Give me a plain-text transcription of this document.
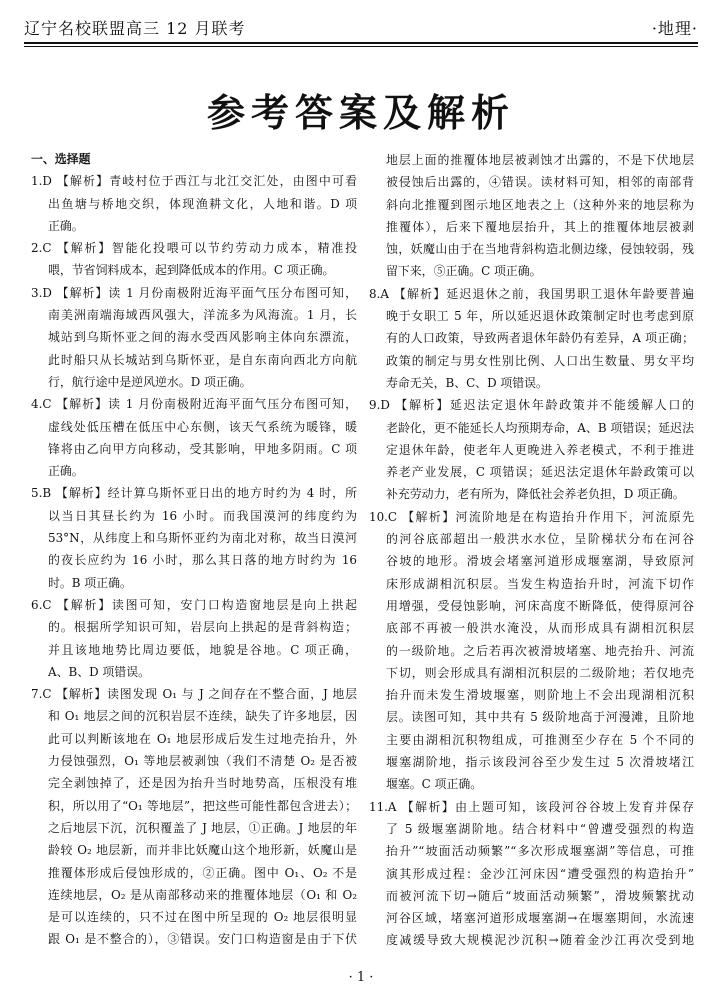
辽宁名校联盟高三 12 月联考	·地理·
参考答案及解析
一、选择题
1.D 【解析】青岐村位于西江与北江交汇处，由图中可看
出鱼塘与桥地交织，体现渔耕文化，人地和谐。D 项
正确。
2.C 【解析】智能化投喂可以节约劳动力成本，精准投
喂，节省饲料成本，起到降低成本的作用。C 项正确。
3.D 【解析】读 1 月份南极附近海平面气压分布图可知，
南美洲南端海域西风强大，洋流多为风海流。1 月，长
城站到乌斯怀亚之间的海水受西风影响主体向东漂流，
此时船只从长城站到乌斯怀亚，是自东南向西北方向航
行，航行途中是逆风逆水。D 项正确。
4.C 【解析】读 1 月份南极附近海平面气压分布图可知，
虚线处低压槽在低压中心东侧，该天气系统为暖锋，暖
锋将由乙向甲方向移动，受其影响，甲地多阴雨。C 项
正确。
5.B 【解析】经计算乌斯怀亚日出的地方时约为 4 时，所
以当日其昼长约为 16 小时。而我国漠河的纬度约为
53°N，从纬度上和乌斯怀亚约为南北对称，故当日漠河
的夜长应约为 16 小时，那么其日落的地方时约为 16
时。B 项正确。
6.C 【解析】读图可知，安门口构造窗地层是向上拱起
的。根据所学知识可知，岩层向上拱起的是背斜构造；
并且该地地势比周边要低，地貌是谷地。C 项正确，
A、B、D 项错误。
7.C 【解析】读图发现 O₁ 与 J 之间存在不整合面，J 地层
和 O₁ 地层之间的沉积岩层不连续，缺失了许多地层，因
此可以判断该地在 O₁ 地层形成后发生过地壳抬升，外
力侵蚀强烈，O₁ 等地层被剥蚀（我们不清楚 O₂ 是否被
完全剥蚀掉了，还是因为抬升当时地势高，压根没有堆
积，所以用了“O₁ 等地层”，把这些可能性都包含进去）；
之后地层下沉，沉积覆盖了 J 地层，①正确。J 地层的年
龄较 O₂ 地层新，而并非比妖魔山这个地形新，妖魔山是
推覆体形成后侵蚀形成的，②正确。图中 O₁、O₂ 不是
连续地层，O₂ 是从南部移动来的推覆体地层（O₁ 和 O₂
是可以连续的，只不过在图中所呈现的 O₂ 地层很明显
跟 O₁ 是不整合的），③错误。安门口构造窗是由于下伏
地层上面的推覆体地层被剥蚀才出露的，不是下伏地层
被侵蚀后出露的，④错误。读材料可知，相邻的南部背
斜向北推覆到图示地区地表之上（这种外来的地层称为
推覆体），后来下覆地层抬升，其上的推覆体地层被剥
蚀，妖魔山由于在当地背斜构造北侧边缘，侵蚀较弱，残
留下来，⑤正确。C 项正确。
8.A 【解析】延迟退休之前，我国男职工退休年龄要普遍
晚于女职工 5 年，所以延迟退休政策制定时也考虑到原
有的人口政策，导致两者退休年龄仍有差异，A 项正确；
政策的制定与男女性别比例、人口出生数量、男女平均
寿命无关，B、C、D 项错误。
9.D 【解析】延迟法定退休年龄政策并不能缓解人口的
老龄化，更不能延长人均预期寿命，A、B 项错误；延迟法
定退休年龄，使老年人更晚进入养老模式，不利于推进
养老产业发展，C 项错误；延迟法定退休年龄政策可以
补充劳动力，老有所为，降低社会养老负担，D 项正确。
10.C 【解析】河流阶地是在构造抬升作用下，河流原先
的河谷底部超出一般洪水水位，呈阶梯状分布在河谷
谷坡的地形。滑坡会堵塞河道形成堰塞湖，导致原河
床形成湖相沉积层。当发生构造抬升时，河流下切作
用增强，受侵蚀影响，河床高度不断降低，使得原河谷
底部不再被一般洪水淹没，从而形成具有湖相沉积层
的一级阶地。之后若再次被滑坡堵塞、地壳抬升、河流
下切，则会形成具有湖相沉积层的二级阶地；若仅地壳
抬升而未发生滑坡堰塞，则阶地上不会出现湖相沉积
层。读图可知，其中共有 5 级阶地高于河漫滩，且阶地
主要由湖相沉积物组成，可推测至少存在 5 个不同的
堰塞湖阶地，指示该段河谷至少发生过 5 次滑坡堵江
堰塞。C 项正确。
11.A 【解析】由上题可知，该段河谷谷坡上发育并保存
了 5 级堰塞湖阶地。结合材料中“曾遭受强烈的构造
抬升”“坡面活动频繁”“多次形成堰塞湖”等信息，可推
演其形成过程：金沙江河床因“遭受强烈的构造抬升”
而被河流下切→随后“坡面活动频繁”，滑坡频繁扰动
河谷区域，堵塞河道形成堰塞湖→在堰塞期间，水流速
度减缓导致大规模泥沙沉积→随着金沙江再次受到地
· 1 ·
